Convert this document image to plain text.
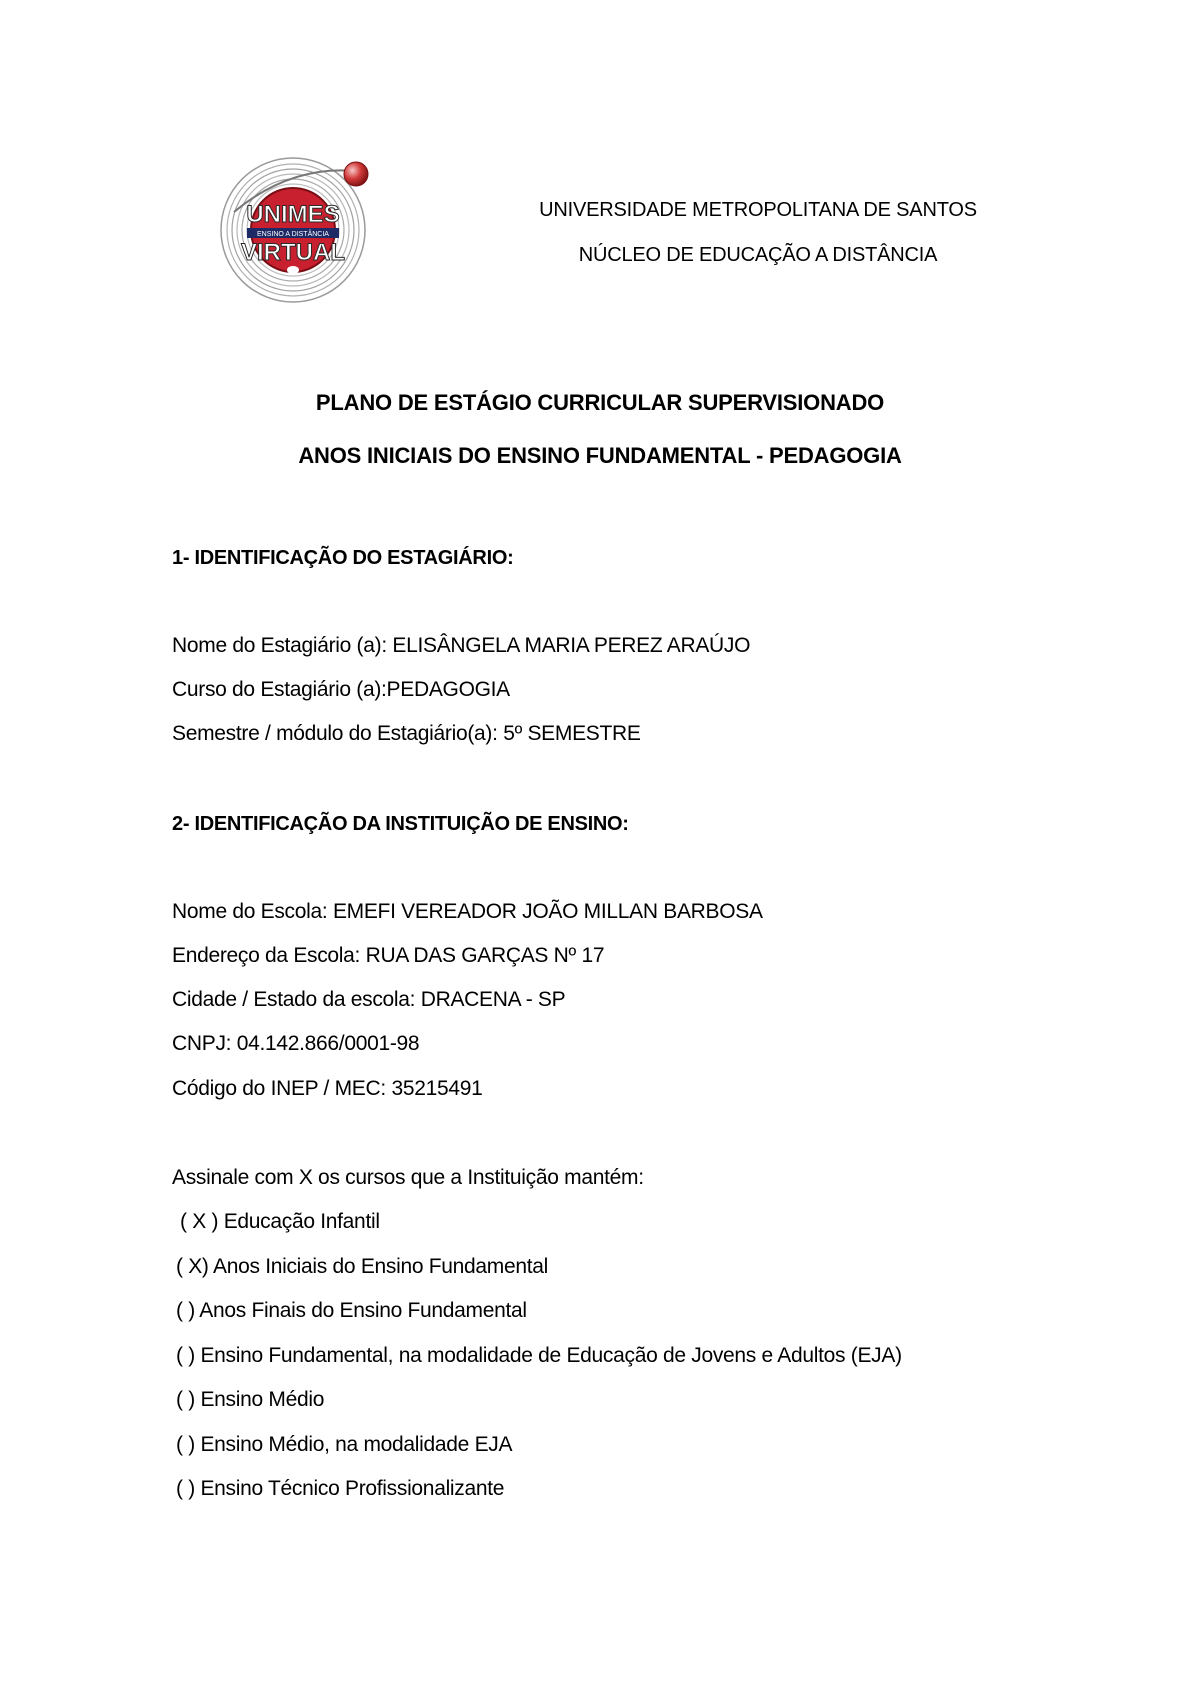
UNIMES
ENSINO A DISTÂNCIA
VIRTUAL
UNIVERSIDADE METROPOLITANA DE SANTOS
NÚCLEO DE EDUCAÇÃO A DISTÂNCIA
PLANO DE ESTÁGIO CURRICULAR SUPERVISIONADO
ANOS INICIAIS DO ENSINO FUNDAMENTAL - PEDAGOGIA
1- IDENTIFICAÇÃO DO ESTAGIÁRIO:
Nome do Estagiário (a): ELISÂNGELA MARIA PEREZ ARAÚJO
Curso do Estagiário (a):PEDAGOGIA
Semestre / módulo do Estagiário(a): 5º SEMESTRE
2- IDENTIFICAÇÃO DA INSTITUIÇÃO DE ENSINO:
Nome do Escola: EMEFI VEREADOR JOÃO MILLAN BARBOSA
Endereço da Escola: RUA DAS GARÇAS Nº 17
Cidade / Estado da escola: DRACENA - SP
CNPJ: 04.142.866/0001-98
Código do INEP / MEC: 35215491
Assinale com X os cursos que a Instituição mantém:
( X ) Educação Infantil
( X) Anos Iniciais do Ensino Fundamental
( ) Anos Finais do Ensino Fundamental
( ) Ensino Fundamental, na modalidade de Educação de Jovens e Adultos (EJA)
( ) Ensino Médio
( ) Ensino Médio, na modalidade EJA
( ) Ensino Técnico Profissionalizante
